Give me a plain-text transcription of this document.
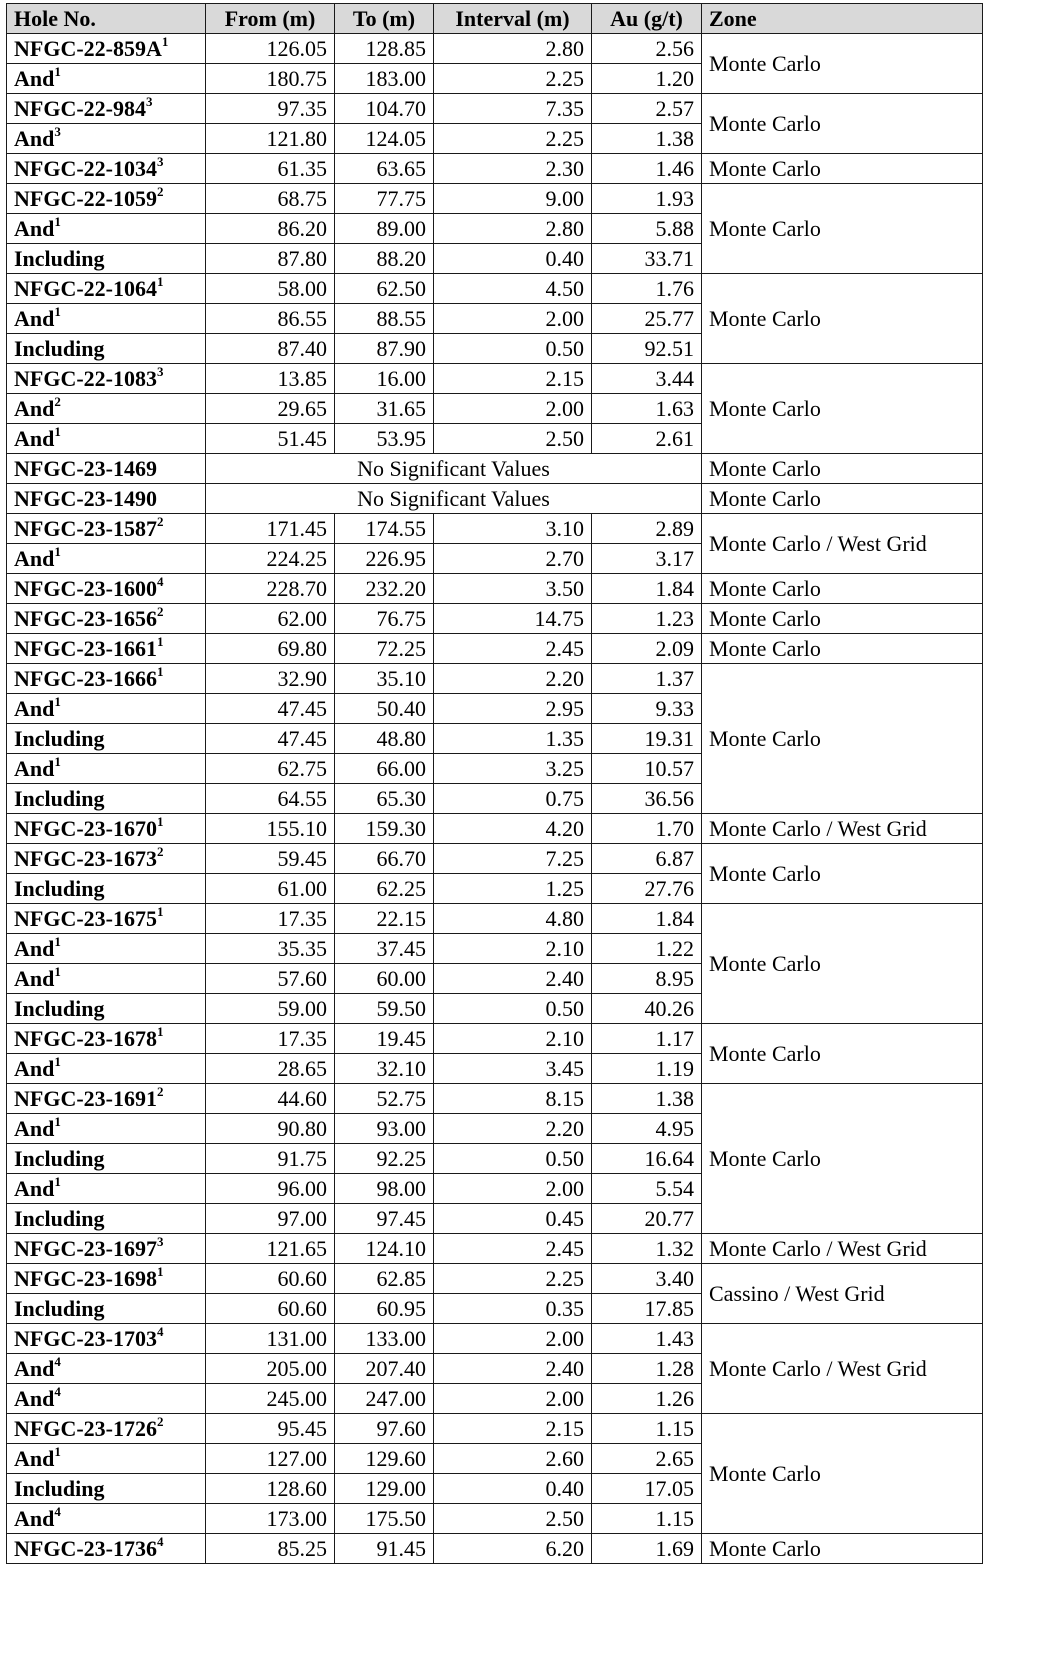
Hole No.	From (m)	To (m)	Interval (m)	Au (g/t)	Zone
NFGC-$22-859A^1$	126.05	128.85	2.80	2.56	Monte Carlo
And$^1$	180.75	183.00	2.25	1.20	
NFGC-$22-984^3$	97.35	104.70	7.35	2.57	Monte Carlo
And$^3$	121.80	124.05	2.25	1.38	
NFGC-22-1034$^3$	61.35	63.65	2.30	1.46	Monte Carlo
NFGC-22-1059$^2$	68.75	77.75	9.00	1.93	Monte Carlo
And$^1$	86.20	89.00	2.80	5.88	
Including	87.80	88.20	0.40	33.71	
NFGC-22-1064$^1$	58.00	62.50	4.50	1.76	Monte Carlo
And$^1$	86.55	88.55	2.00	25.77	
Including	87.40	87.90	0.50	92.51	
NFGC-22-1083$^3$	13.85	16.00	2.15	3.44	Monte Carlo
And$^2$	29.65	31.65	2.00	1.63	
And$^1$	51.45	53.95	2.50	2.61	
NFGC-23-1469	No Significant Values				Monte Carlo
NFGC-23-1490	No Significant Values				Monte Carlo
NFGC-23-1587$^2$	171.45	174.55	3.10	2.89	Monte Carlo / West Grid
And$^1$	224.25	226.95	2.70	3.17	
NFGC-23-1600$^4$	228.70	232.20	3.50	1.84	Monte Carlo
NFGC-23-1656$^2$	62.00	76.75	14.75	1.23	Monte Carlo
NFGC-23-1661$^1$	69.80	72.25	2.45	2.09	Monte Carlo
NFGC-23-1666$^1$	32.90	35.10	2.20	1.37	Monte Carlo
And$^1$	47.45	50.40	2.95	9.33	
Including	47.45	48.80	1.35	19.31	
And$^1$	62.75	66.00	3.25	10.57	
Including	64.55	65.30	0.75	36.56	
NFGC-23-1670$^1$	155.10	159.30	4.20	1.70	Monte Carlo / West Grid
NFGC-23-1673$^2$	59.45	66.70	7.25	6.87	Monte Carlo
Including	61.00	62.25	1.25	27.76	
NFGC-23-1675$^1$	17.35	22.15	4.80	1.84	Monte Carlo
And$^1$	35.35	37.45	2.10	1.22	
And$^1$	57.60	60.00	2.40	8.95	
Including	59.00	59.50	0.50	40.26	
NFGC-23-1678$^1$	17.35	19.45	2.10	1.17	Monte Carlo
And$^1$	28.65	32.10	3.45	1.19	
NFGC-23-1691$^2$	44.60	52.75	8.15	1.38	Monte Carlo
And$^1$	90.80	93.00	2.20	4.95	
Including	91.75	92.25	0.50	16.64	
And$^1$	96.00	98.00	2.00	5.54	
Including	97.00	97.45	0.45	20.77	
NFGC-23-1697$^3$	121.65	124.10	2.45	1.32	Monte Carlo / West Grid
NFGC-23-1698$^1$	60.60	62.85	2.25	3.40	Cassino / West Grid
Including	60.60	60.95	0.35	17.85	
NFGC-23-1703$^4$	131.00	133.00	2.00	1.43	Monte Carlo / West Grid
And$^4$	205.00	207.40	2.40	1.28	
And$^4$	245.00	247.00	2.00	1.26	
NFGC-23-1726$^2$	95.45	97.60	2.15	1.15	Monte Carlo
And$^1$	127.00	129.60	2.60	2.65	
Including	128.60	129.00	0.40	17.05	
And$^4$	173.00	175.50	2.50	1.15	
NFGC-23-1736$^4$	85.25	91.45	6.20	1.69	Monte Carlo
